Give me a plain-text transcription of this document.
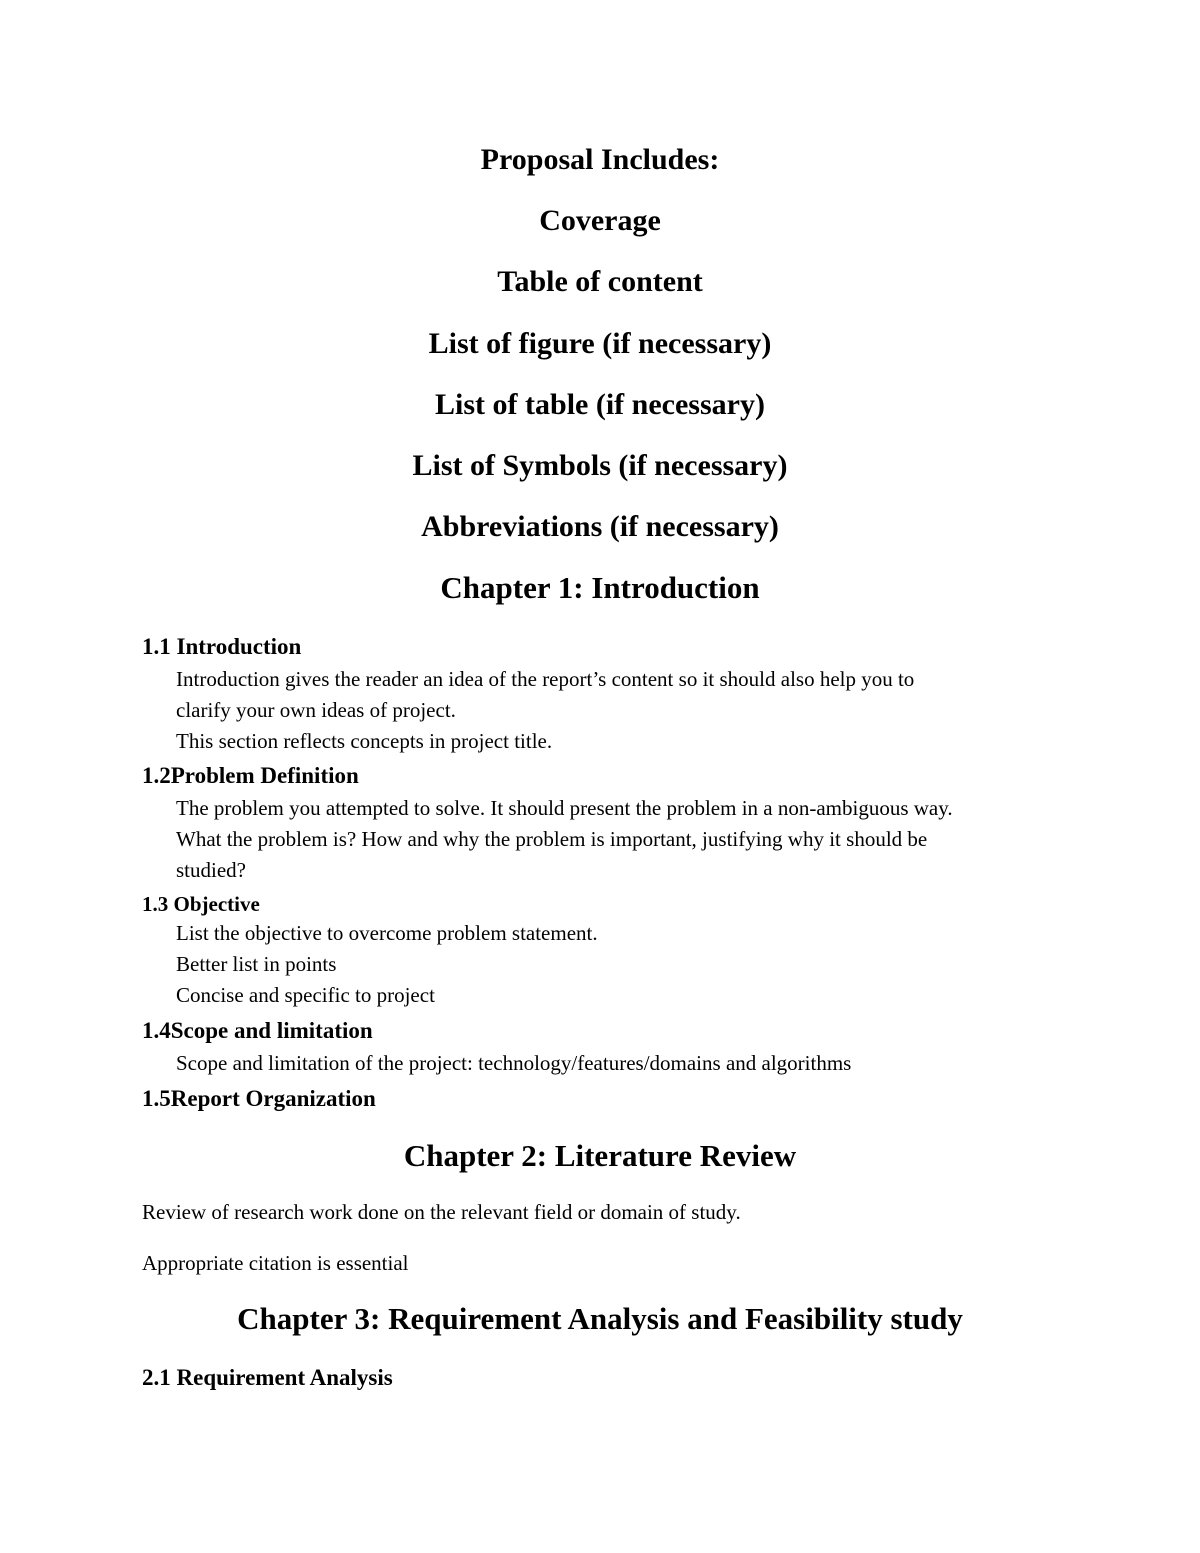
Proposal Includes:
Coverage
Table of content
List of figure (if necessary)
List of table (if necessary)
List of Symbols (if necessary)
Abbreviations (if necessary)
Chapter 1: Introduction
1.1 Introduction
Introduction gives the reader an idea of the report’s content so it should also help you to
clarify your own ideas of project.
This section reflects concepts in project title.
1.2Problem Definition
The problem you attempted to solve. It should present the problem in a non-ambiguous way.
What the problem is? How and why the problem is important, justifying why it should be
studied?
1.3 Objective
List the objective to overcome problem statement.
Better list in points
Concise and specific to project
1.4Scope and limitation
Scope and limitation of the project: technology/features/domains and algorithms
1.5Report Organization
Chapter 2: Literature Review

Review of research work done on the relevant field or domain of study.

Appropriate citation is essential

Chapter 3: Requirement Analysis and Feasibility study
2.1 Requirement Analysis
